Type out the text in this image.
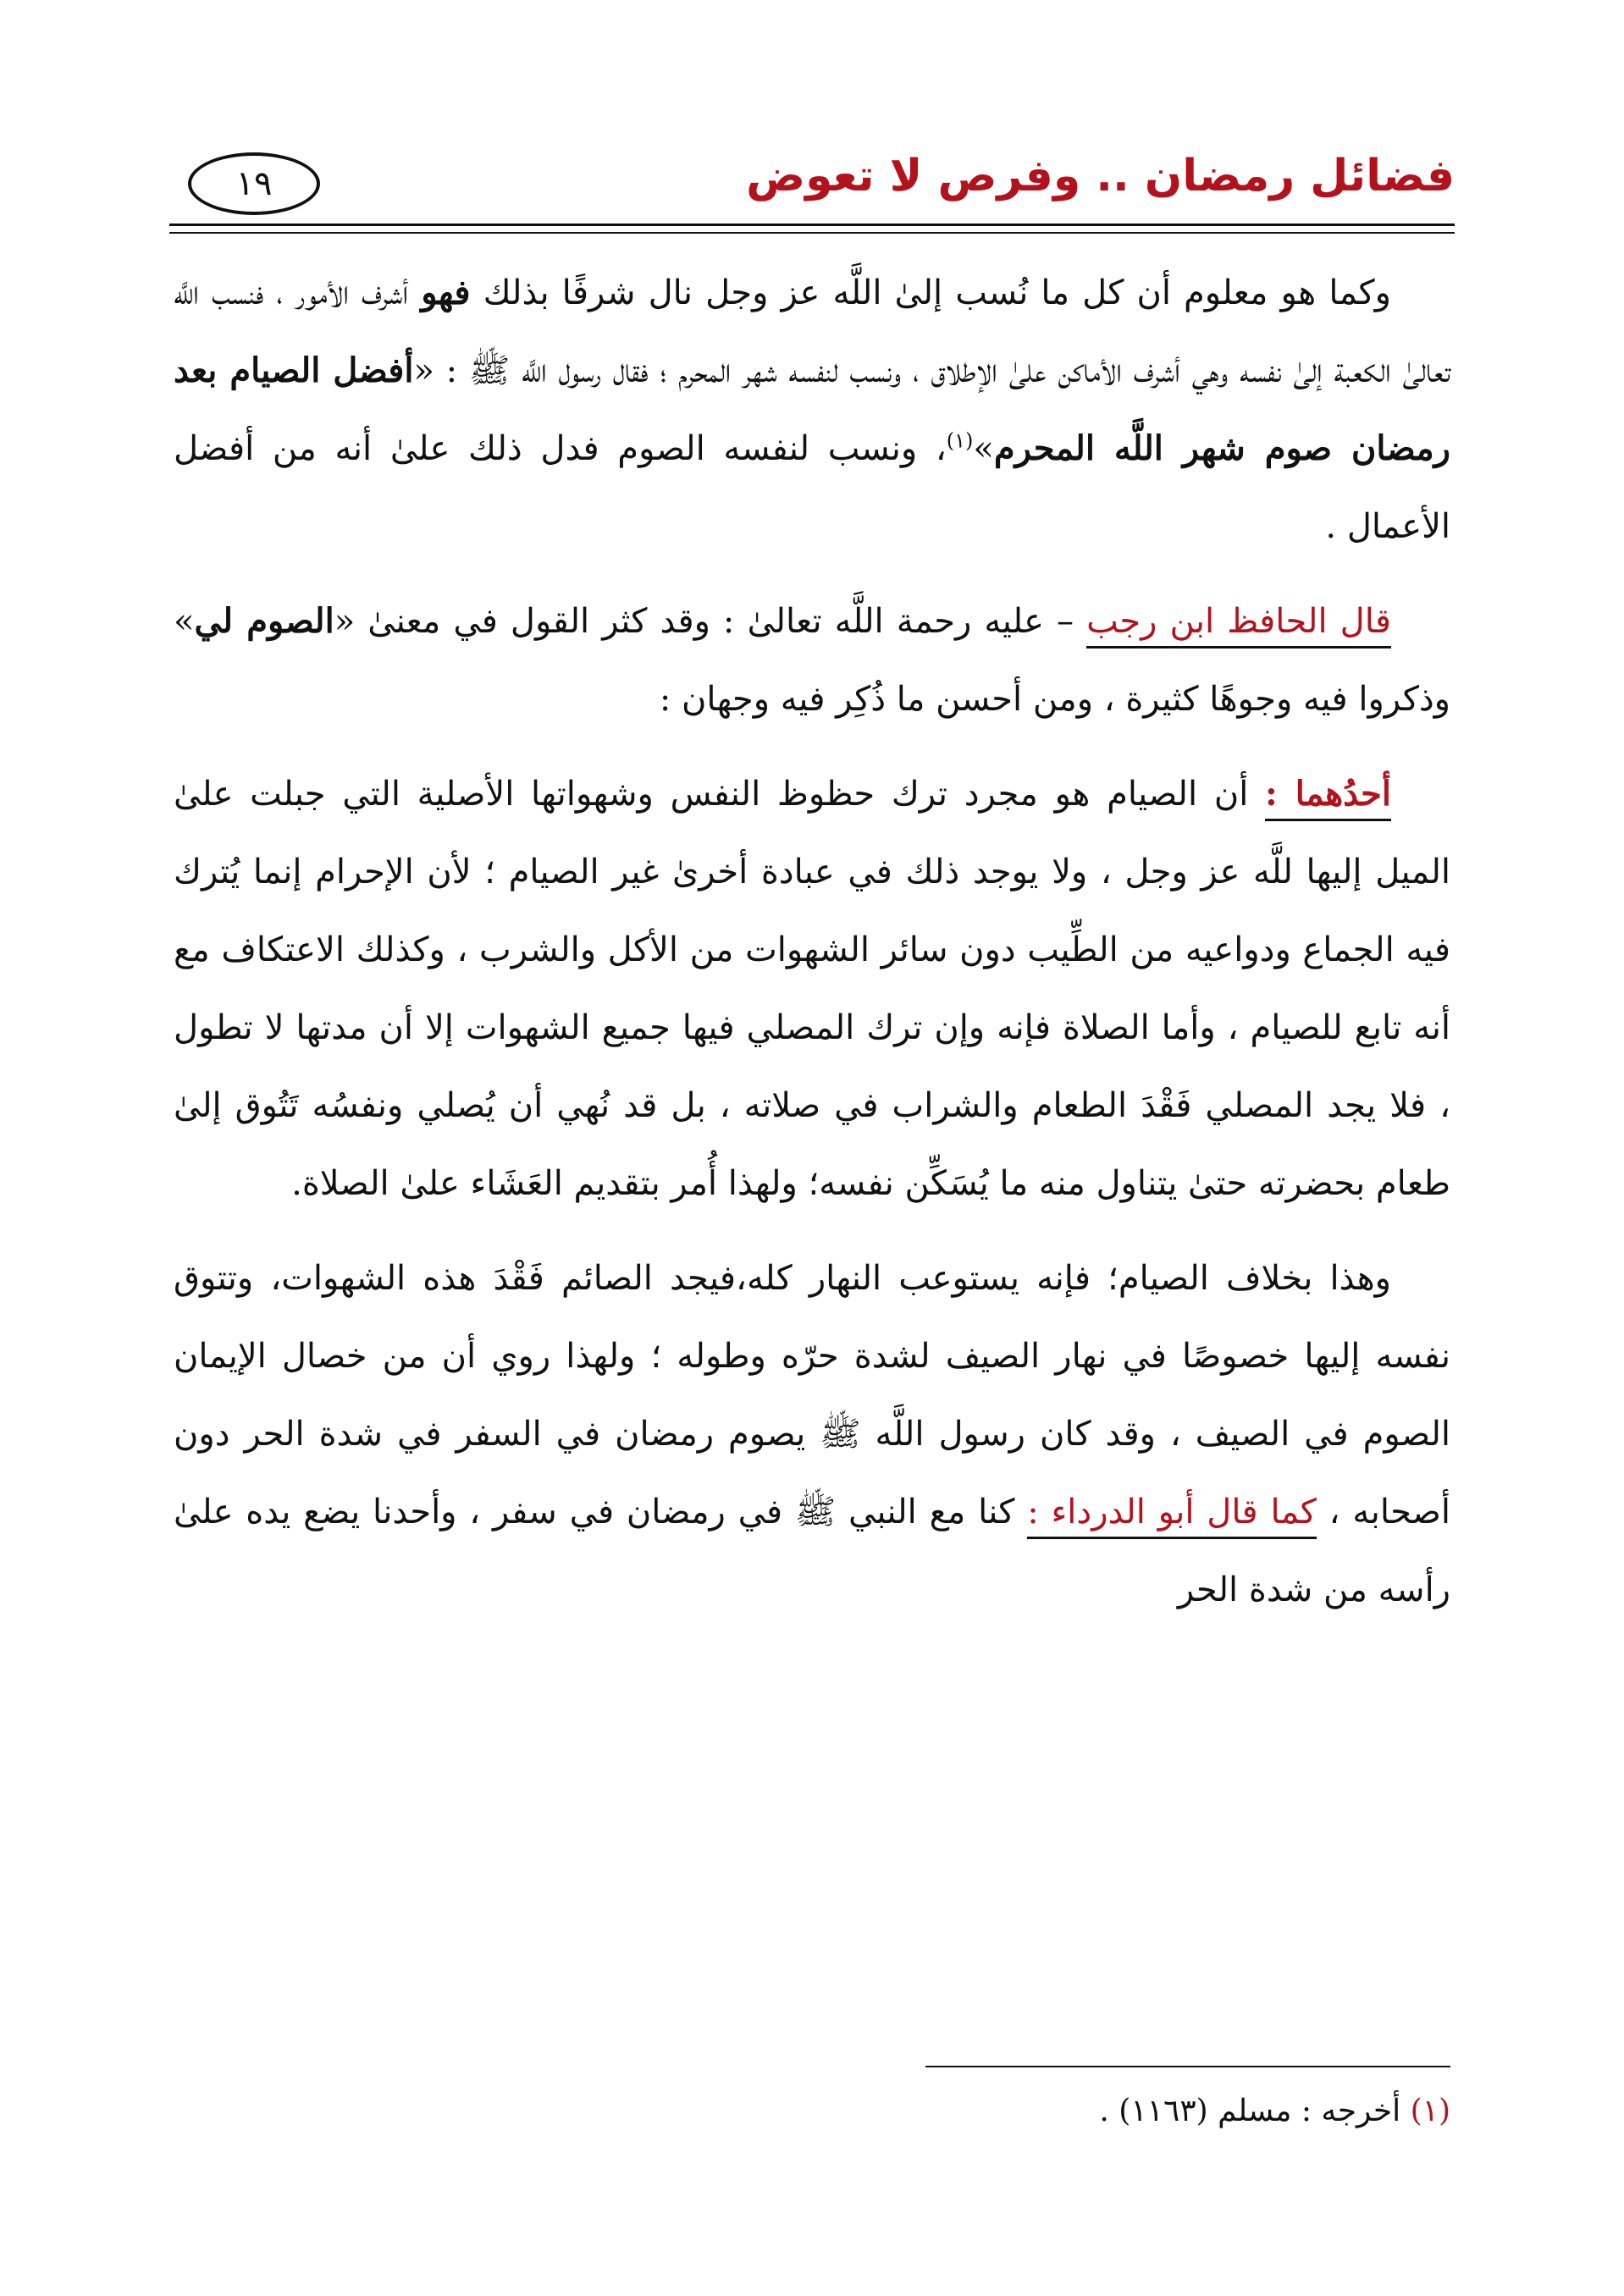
فضائل رمضان .. وفرص لا تعوض
١٩

وكما هو معلوم أن كل ما نُسب إلىٰ اللَّه عز وجل نال شرفًا بذلك فهو أشرف الأمور ، فنسب اللَّه تعالىٰ الكعبة إلىٰ نفسه وهي أشرف الأماكن علىٰ الإطلاق ، ونسب لنفسه شهر المحرم ؛ فقال رسول اللَّه ﷺ : «أفضل الصيام بعد رمضان صوم شهر اللَّه المحرم»$^{(١)}$، ونسب لنفسه الصوم فدل ذلك علىٰ أنه من أفضل الأعمال .

قال الحافظ ابن رجب – عليه رحمة اللَّه تعالىٰ : وقد كثر القول في معنىٰ «الصوم لي» وذكروا فيه وجوهًا كثيرة ، ومن أحسن ما ذُكِر فيه وجهان :

أحدُهما : أن الصيام هو مجرد ترك حظوظ النفس وشهواتها الأصلية التي جبلت علىٰ الميل إليها للَّه عز وجل ، ولا يوجد ذلك في عبادة أخرىٰ غير الصيام ؛ لأن الإحرام إنما يُترك فيه الجماع ودواعيه من الطِّيب دون سائر الشهوات من الأكل والشرب ، وكذلك الاعتكاف مع أنه تابع للصيام ، وأما الصلاة فإنه وإن ترك المصلي فيها جميع الشهوات إلا أن مدتها لا تطول ، فلا يجد المصلي فَقْدَ الطعام والشراب في صلاته ، بل قد نُهي أن يُصلي ونفسُه تَتُوق إلىٰ طعام بحضرته حتىٰ يتناول منه ما يُسَكِّن نفسه؛ ولهذا أُمر بتقديم العَشَاء علىٰ الصلاة.

وهذا بخلاف الصيام؛ فإنه يستوعب النهار كله،فيجد الصائم فَقْدَ هذه الشهوات، وتتوق نفسه إليها خصوصًا في نهار الصيف لشدة حرّه وطوله ؛ ولهذا روي أن من خصال الإيمان الصوم في الصيف ، وقد كان رسول اللَّه ﷺ يصوم رمضان في السفر في شدة الحر دون أصحابه ، كما قال أبو الدرداء : كنا مع النبي ﷺ في رمضان في سفر ، وأحدنا يضع يده علىٰ رأسه من شدة الحر

(١) أخرجه : مسلم (١١٦٣) .
